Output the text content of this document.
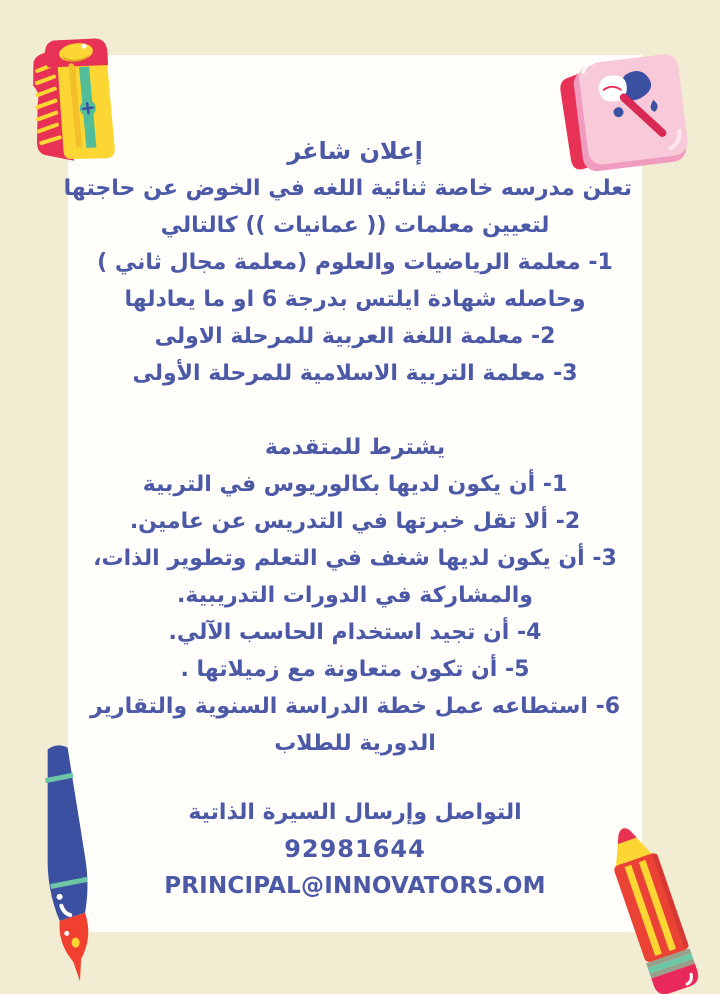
إعلان شاغر
تعلن مدرسه خاصة ثنائية اللغه في الخوض عن حاجتها
لتعيين معلمات (( عمانيات )) كالتالي
1- معلمة الرياضيات والعلوم (معلمة مجال ثاني )
وحاصله شهادة ايلتس بدرجة 6 او ما يعادلها
2- معلمة اللغة العربية للمرحلة الاولى
3- معلمة التربية الاسلامية للمرحلة الأولى
يشترط للمتقدمة
1- أن يكون لديها بكالوريوس في التربية
2- ألا تقل خبرتها في التدريس عن عامين.
3- أن يكون لديها شغف في التعلم وتطوير الذات،
والمشاركة في الدورات التدريبية.
4- أن تجيد استخدام الحاسب الآلي.
5- أن تكون متعاونة مع زميلاتها .
6- استطاعه عمل خطة الدراسة السنوية والتقارير
الدورية للطلاب
التواصل وإرسال السيرة الذاتية
92981644
PRINCIPAL@INNOVATORS.OM
